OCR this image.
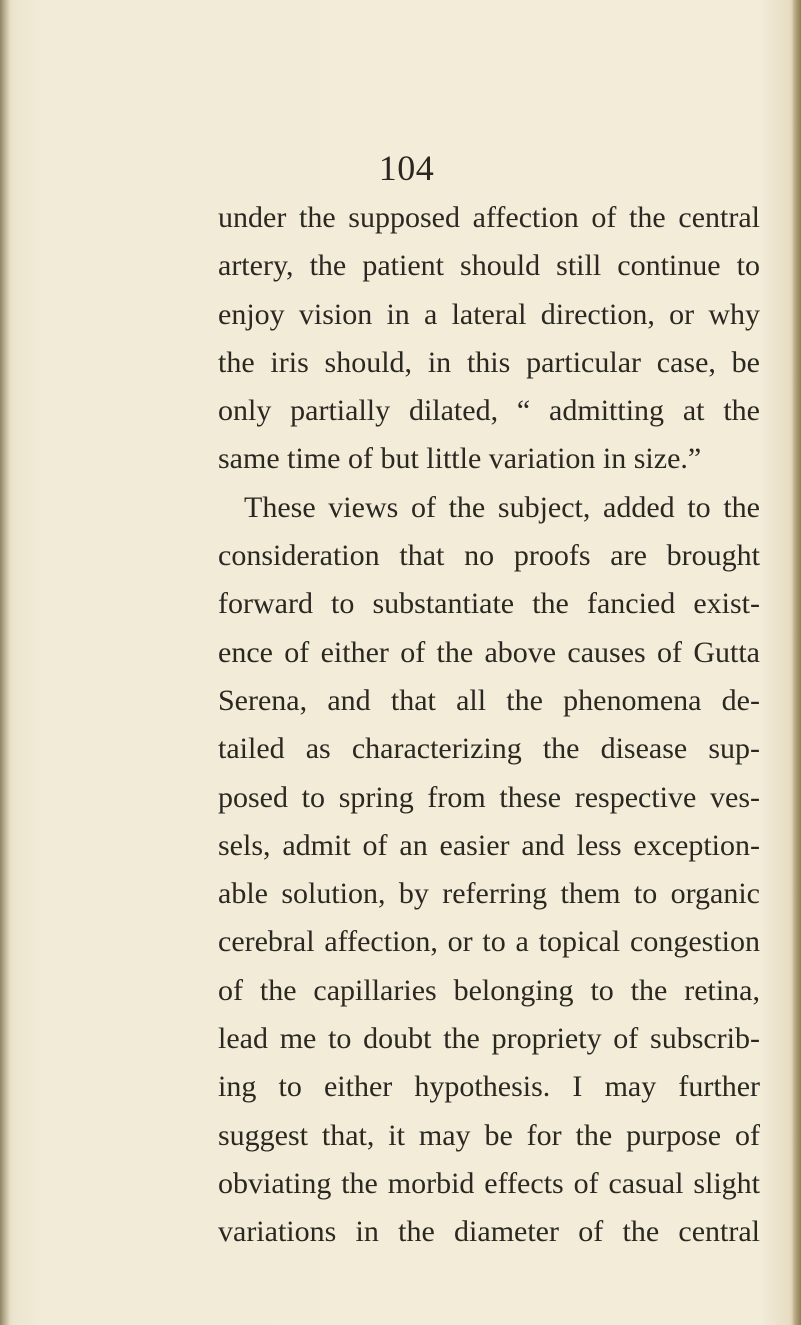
104
under the supposed affection of the central
artery, the patient should still continue to
enjoy vision in a lateral direction, or why
the iris should, in this particular case, be
only partially dilated, “ admitting at the
same time of but little variation in size.”
These views of the subject, added to the
consideration that no proofs are brought
forward to substantiate the fancied exist-
ence of either of the above causes of Gutta
Serena, and that all the phenomena de-
tailed as characterizing the disease sup-
posed to spring from these respective ves-
sels, admit of an easier and less exception-
able solution, by referring them to organic
cerebral affection, or to a topical congestion
of the capillaries belonging to the retina,
lead me to doubt the propriety of subscrib-
ing to either hypothesis. I may further
suggest that, it may be for the purpose of
obviating the morbid effects of casual slight
variations in the diameter of the central
